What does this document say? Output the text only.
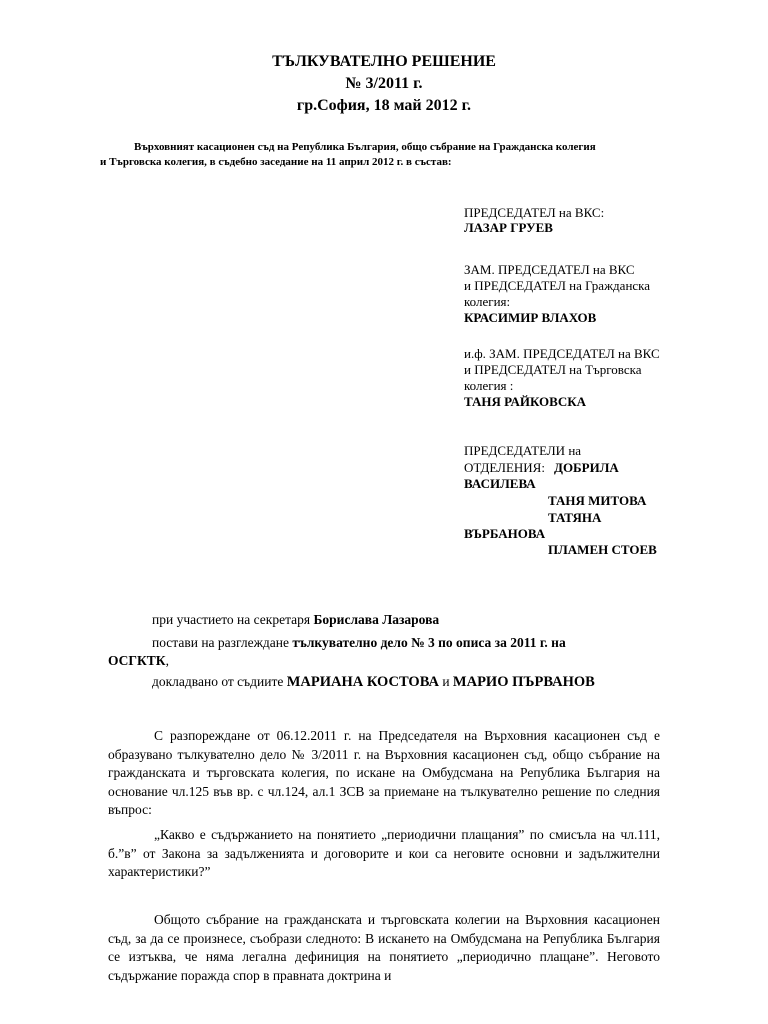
ТЪЛКУВАТЕЛНО РЕШЕНИЕ

№ 3/2011 г.

гр.София, 18 май 2012 г.

Върховният касационен съд на Република България, общо събрание на Гражданска колегия

и Търговска колегия, в съдебно заседание на 11 април 2012 г. в състав:

ПРЕДСЕДАТЕЛ на ВКС:

ЛАЗАР ГРУЕВ

ЗАМ. ПРЕДСЕДАТЕЛ на ВКС

и ПРЕДСЕДАТЕЛ на Гражданска

колегия:

КРАСИМИР ВЛАХОВ

и.ф. ЗАМ. ПРЕДСЕДАТЕЛ на ВКС

и ПРЕДСЕДАТЕЛ на Търговска

колегия :

ТАНЯ РАЙКОВСКА

ПРЕДСЕДАТЕЛИ на

ОТДЕЛЕНИЯ: ДОБРИЛА

ВАСИЛЕВА

ТАНЯ МИТОВА

ТАТЯНА

ВЪРБАНОВА

ПЛАМЕН СТОЕВ

при участието на секретаря Борислава Лазарова

постави на разглеждане тълкувателно дело № 3 по описа за 2011 г. на

ОСГКТК,

докладвано от съдиите МАРИАНА КОСТОВА и МАРИО ПЪРВАНОВ

С разпореждане от 06.12.2011 г. на Председателя на Върховния касационен съд е образувано тълкувателно дело № 3/2011 г. на Върховния касационен съд, общо събрание на гражданската и търговската колегия, по искане на Омбудсмана на Република България на основание чл.125 във вр. с чл.124, ал.1 ЗСВ за приемане на тълкувателно решение по следния въпрос:

„Какво е съдържанието на понятието „периодични плащания” по смисъла на чл.111, б.”в” от Закона за задълженията и договорите и кои са неговите основни и задължителни характеристики?”

Общото събрание на гражданската и търговската колегии на Върховния касационен съд, за да се произнесе, съобрази следното: В искането на Омбудсмана на Република България се изтъква, че няма легална дефиниция на понятието „периодично плащане”. Неговото съдържание поражда спор в правната доктрина и
